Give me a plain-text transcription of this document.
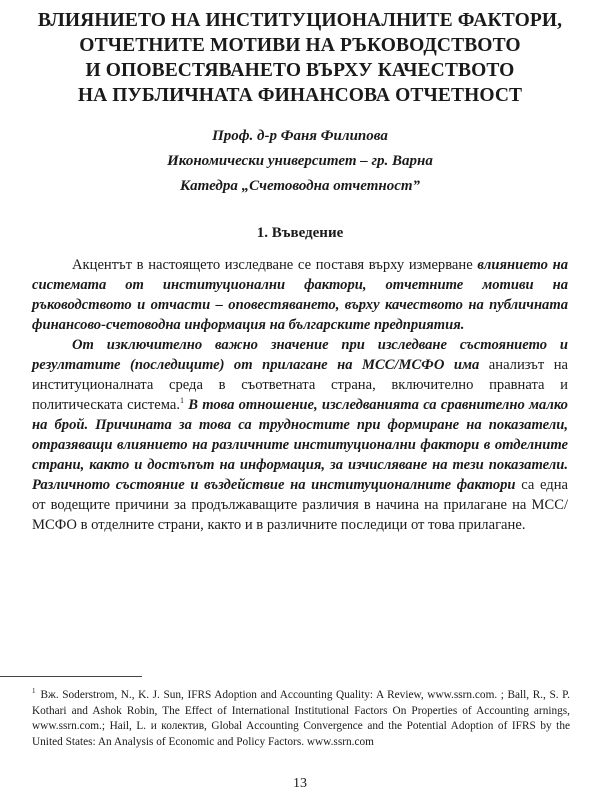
ВЛИЯНИЕТО НА ИНСТИТУЦИОНАЛНИТЕ ФАКТОРИ,
ОТЧЕТНИТЕ МОТИВИ НА РЪКОВОДСТВОТО
И ОПОВЕСТЯВАНЕТО ВЪРХУ КАЧЕСТВОТО
НА ПУБЛИЧНАТА ФИНАНСОВА ОТЧЕТНОСТ
Проф. д-р Фаня Филипова
Икономически университет – гр. Варна
Катедра „Счетоводна отчетност”
1. Въведение

Акцентът в настоящето изследване се поставя върху измерване влиянието на системата от институционални фактори, отчетните мотиви на ръководството и отчасти – оповестяването, върху качеството на публичната финансово-счетоводна информация на българските предприятия.

От изключително важно значение при изследване състоянието и резултатите (последиците) от прилагане на МСС/МСФО има анализът на институционалната среда в съответната страна, включително правната и политическата система.$^1$ В това отношение, изследванията са сравнително малко на брой. Причината за това са трудностите при формиране на показатели, отразяващи влиянието на различните институционални фактори в отделните страни, както и достъпът на информация, за изчисляване на тези показатели. Различното състояние и въздействие на институционалните фактори са една от водещите причини за продължаващите различия в начина на прилагане на МСС/МСФО в отделните страни, както и в различните последици от това прилагане.

$^1$ Вж. Soderstrom, N., K. J. Sun, IFRS Adoption and Accounting Quality: A Review, www.ssrn.com. ; Ball, R., S. P. Kothari and Ashok Robin, The Effect of International Institutional Factors On Properties of Accounting arnings, www.ssrn.com.; Hail, L. и колектив, Global Accounting Convergence and the Potential Adoption of IFRS by the United States: An Analysis of Economic and Policy Factors. www.ssrn.com
13
